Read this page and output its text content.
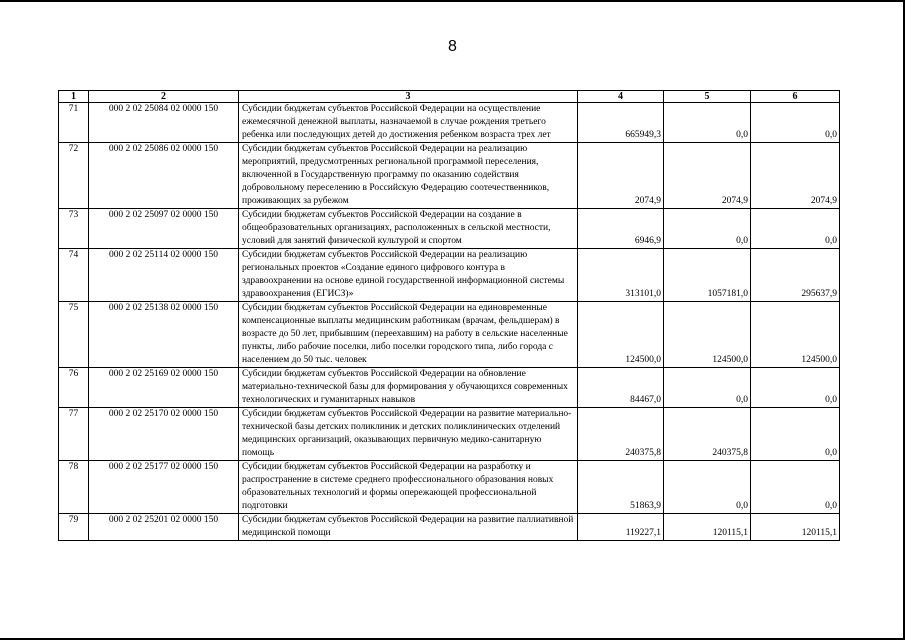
8
1	2	3	4	5	6
71	000 2 02 25084 02 0000 150	Субсидии бюджетам субъектов Российской Федерации на осуществление ежемесячной денежной выплаты, назначаемой в случае рождения третьего ребенка или последующих детей до достижения ребенком возраста трех лет	665949,3	0,0	0,0
72	000 2 02 25086 02 0000 150	Субсидии бюджетам субъектов Российской Федерации на реализацию мероприятий, предусмотренных региональной программой переселения, включенной в Государственную программу по оказанию содействия добровольному переселению в Российскую Федерацию соотечественников, проживающих за рубежом	2074,9	2074,9	2074,9
73	000 2 02 25097 02 0000 150	Субсидии бюджетам субъектов Российской Федерации на создание в общеобразовательных организациях, расположенных в сельской местности, условий для занятий физической культурой и спортом	6946,9	0,0	0,0
74	000 2 02 25114 02 0000 150	Субсидии бюджетам субъектов Российской Федерации на реализацию региональных проектов «Создание единого цифрового контура в здравоохранении на основе единой государственной информационной системы здравоохранения (ЕГИСЗ)»	313101,0	1057181,0	295637,9
75	000 2 02 25138 02 0000 150	Субсидии бюджетам субъектов Российской Федерации на единовременные компенсационные выплаты медицинским работникам (врачам, фельдшерам) в возрасте до 50 лет, прибывшим (переехавшим) на работу в сельские населенные пункты, либо рабочие поселки, либо поселки городского типа, либо города с населением до 50 тыс. человек	124500,0	124500,0	124500,0
76	000 2 02 25169 02 0000 150	Субсидии бюджетам субъектов Российской Федерации на обновление материально-технической базы для формирования у обучающихся современных технологических и гуманитарных навыков	84467,0	0,0	0,0
77	000 2 02 25170 02 0000 150	Субсидии бюджетам субъектов Российской Федерации на развитие материально-технической базы детских поликлиник и детских поликлинических отделений медицинских организаций, оказывающих первичную медико-санитарную помощь	240375,8	240375,8	0,0
78	000 2 02 25177 02 0000 150	Субсидии бюджетам субъектов Российской Федерации на разработку и распространение в системе среднего профессионального образования новых образовательных технологий и формы опережающей профессиональной подготовки	51863,9	0,0	0,0
79	000 2 02 25201 02 0000 150	Субсидии бюджетам субъектов Российской Федерации на развитие паллиативной медицинской помощи	119227,1	120115,1	120115,1
